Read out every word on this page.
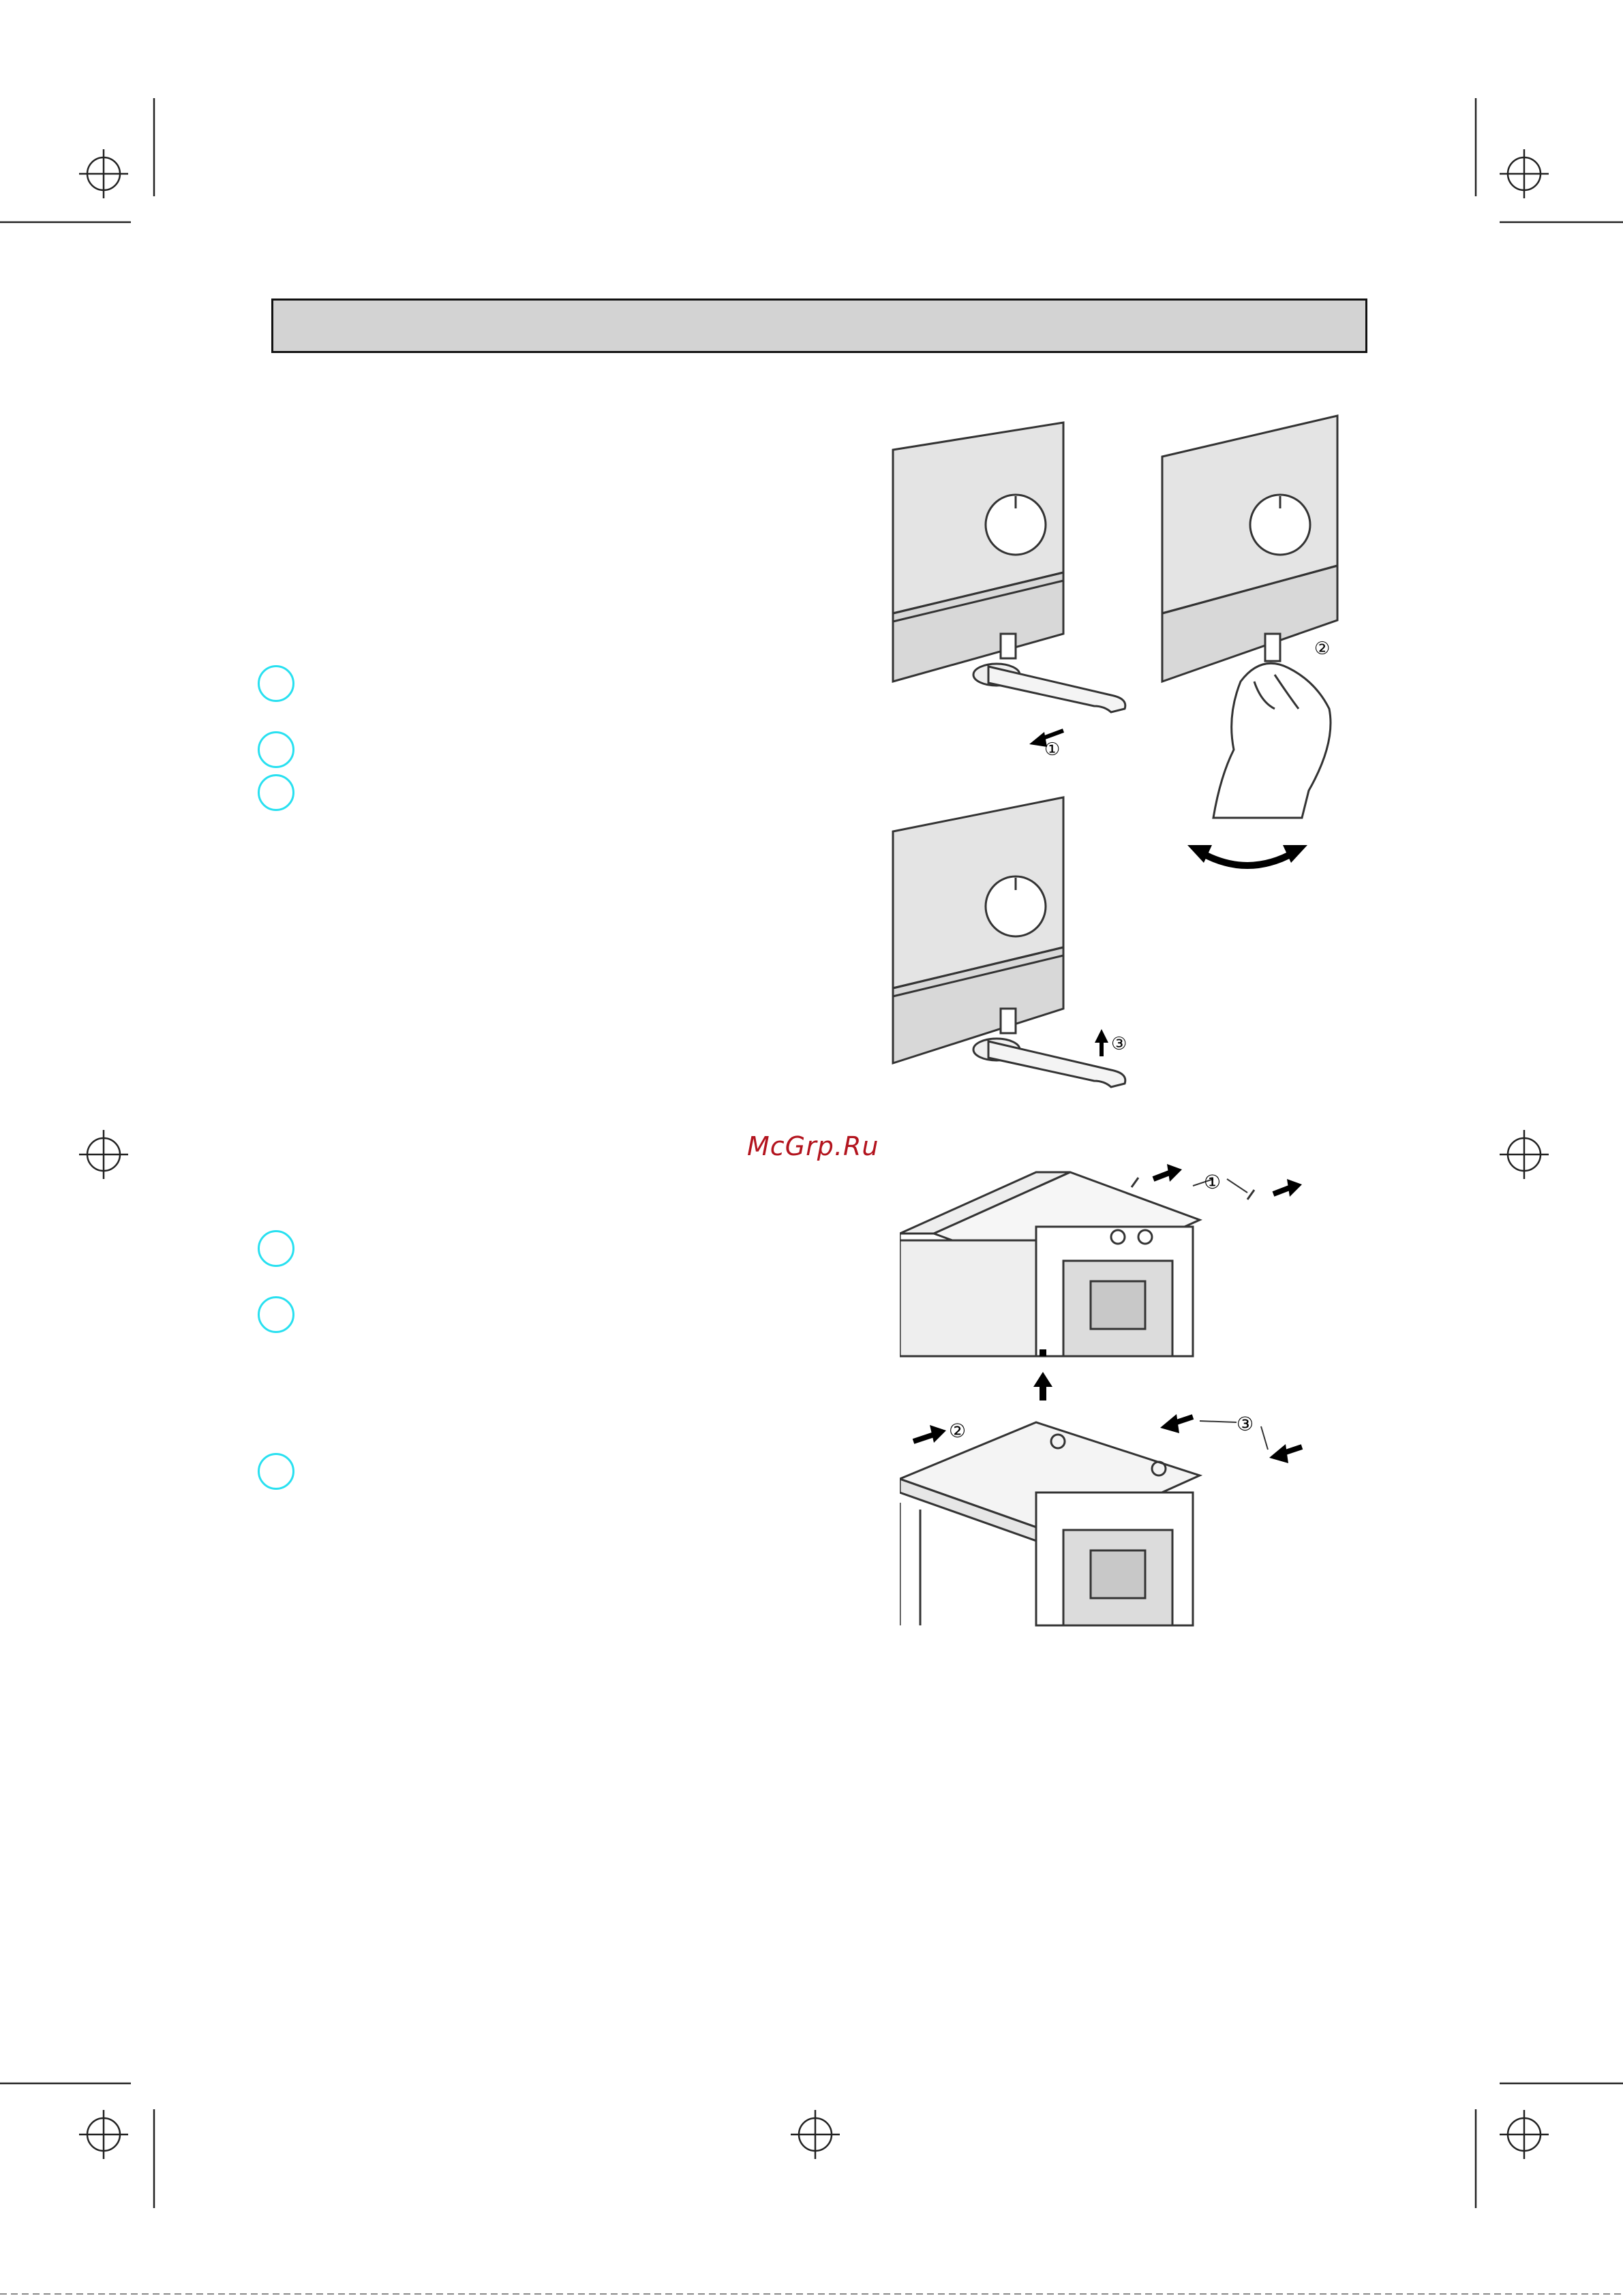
McGrp.Ru
①
②
③
①
②	③
